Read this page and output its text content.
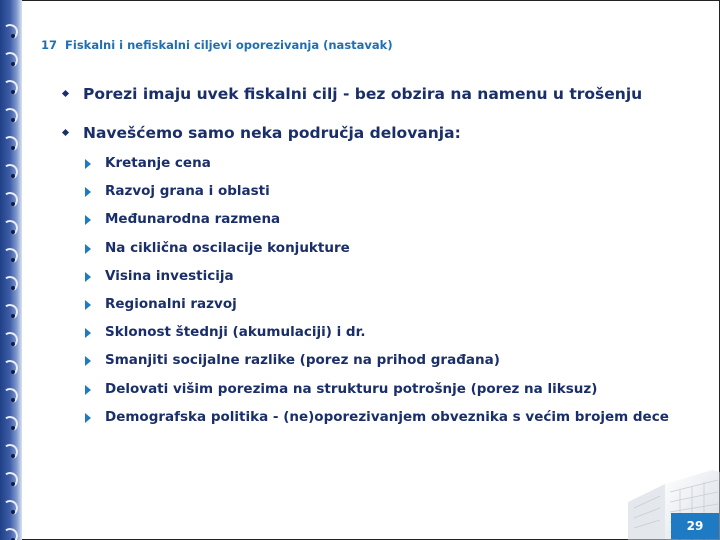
17 Fiskalni i nefiskalni ciljevi oporezivanja (nastavak)
Porezi imaju uvek fiskalni cilj - bez obzira na namenu u trošenju
Navešćemo samo neka područja delovanja:
Kretanje cena
Razvoj grana i oblasti
Međunarodna razmena
Na ciklična oscilacije konjukture
Visina investicija
Regionalni razvoj
Sklonost štednji (akumulaciji) i dr.
Smanjiti socijalne razlike (porez na prihod građana)
Delovati višim porezima na strukturu potrošnje (porez na liksuz)
Demografska politika - (ne)oporezivanjem obveznika s većim brojem dece
29
